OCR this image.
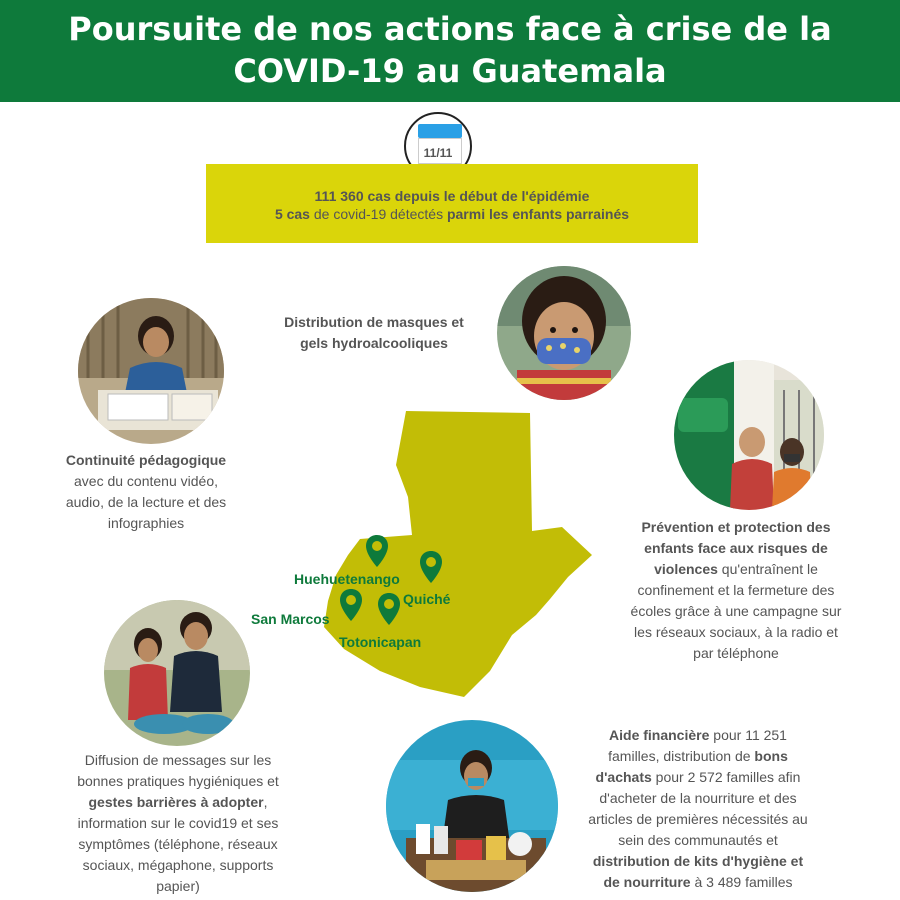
Poursuite de nos actions face à crise de la
COVID-19 au Guatemala
11/11
111 360 cas depuis le début de l'épidémie
5 cas de covid-19 détectés parmi les enfants parrainés
Distribution de masques et
gels hydroalcooliques
Continuité pédagogique
avec du contenu vidéo,
audio, de la lecture et des
infographies	Prévention et protection des
enfants face aux risques de
violences qu'entraînent le
confinement et la fermeture des
écoles grâce à une campagne sur
les réseaux sociaux, à la radio et
par téléphone
Huehuetenango
Quiché
San Marcos
Totonicapan
Diffusion de messages sur les
bonnes pratiques hygiéniques et
gestes barrières à adopter,
information sur le covid19 et ses
symptômes (téléphone, réseaux
sociaux, mégaphone, supports
papier)
Aide financière pour 11 251
familles, distribution de bons
d'achats pour 2 572 familles afin
d'acheter de la nourriture et des
articles de premières nécessités au
sein des communautés et
distribution de kits d'hygiène et
de nourriture à 3 489 familles
